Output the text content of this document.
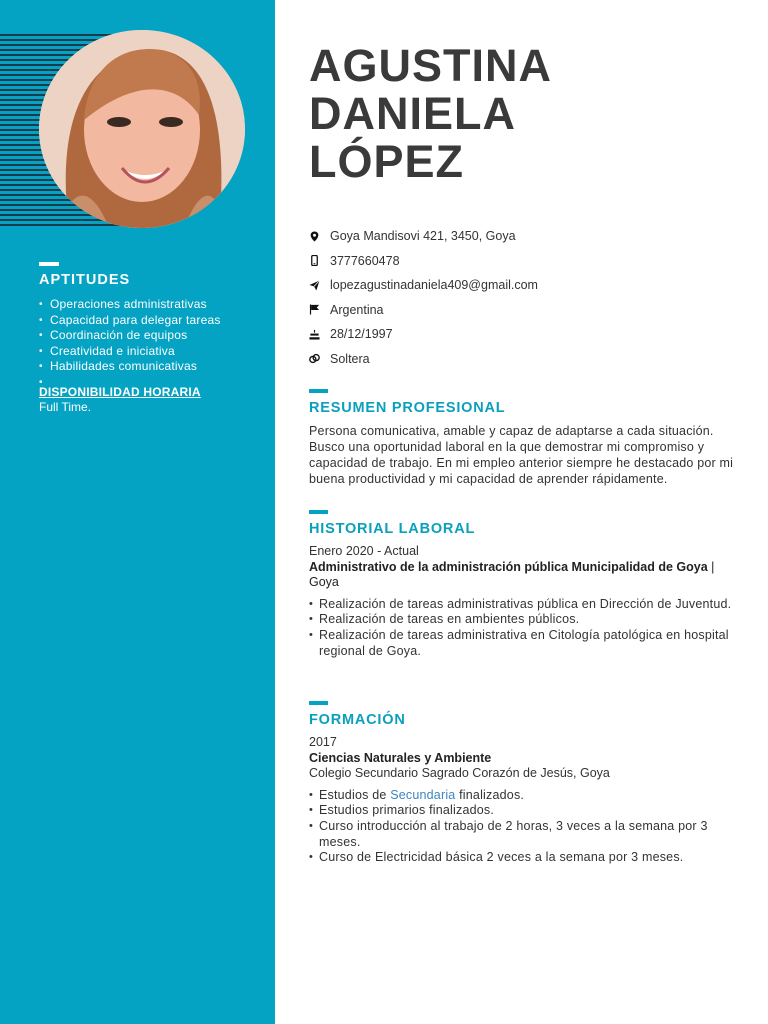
APTITUDES
• Operaciones administrativas
• Capacidad para delegar tareas
• Coordinación de equipos
• Creatividad e iniciativa
• Habilidades comunicativas
•
DISPONIBILIDAD HORARIA
Full Time.
AGUSTINA
DANIELA
LÓPEZ
Goya Mandisovi 421, 3450, Goya
3777660478
lopezagustinadaniela409@gmail.com
Argentina
28/12/1997
Soltera
RESUMEN PROFESIONAL

Persona comunicativa, amable y capaz de adaptarse a cada situación. Busco una oportunidad laboral en la que demostrar mi compromiso y capacidad de trabajo. En mi empleo anterior siempre he destacado por mi buena productividad y mi capacidad de aprender rápidamente.

HISTORIAL LABORAL
Enero 2020 - Actual
Administrativo de la administración pública Municipalidad de Goya | Goya
• Realización de tareas administrativas pública en Dirección de Juventud.
• Realización de tareas en ambientes públicos.
• Realización de tareas administrativa en Citología patológica en hospital regional de Goya.
FORMACIÓN
2017
Ciencias Naturales y Ambiente
Colegio Secundario Sagrado Corazón de Jesús, Goya
• Estudios de Secundaria finalizados.
• Estudios primarios finalizados.
• Curso introducción al trabajo de 2 horas, 3 veces a la semana por 3 meses.
• Curso de Electricidad básica 2 veces a la semana por 3 meses.
